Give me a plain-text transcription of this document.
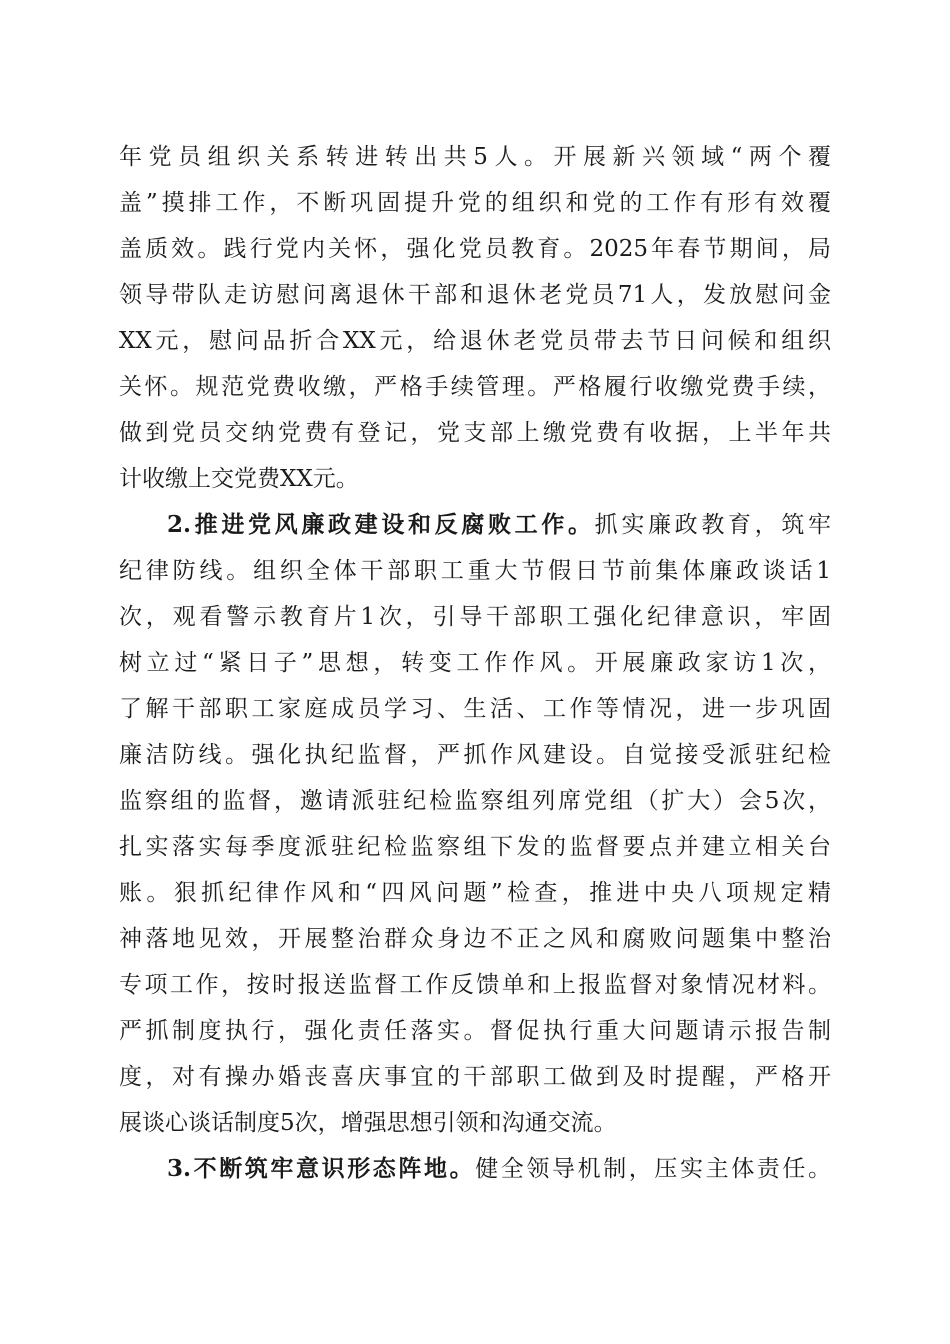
年党员组织关系转进转出共5人。开展新兴领域“两个覆
盖”摸排工作，不断巩固提升党的组织和党的工作有形有效覆
盖质效。践行党内关怀，强化党员教育。2025年春节期间，局
领导带队走访慰问离退休干部和退休老党员71人，发放慰问金
XX元，慰问品折合XX元，给退休老党员带去节日问候和组织
关怀。规范党费收缴，严格手续管理。严格履行收缴党费手续，
做到党员交纳党费有登记，党支部上缴党费有收据，上半年共
计收缴上交党费XX元。
2.推进党风廉政建设和反腐败工作。抓实廉政教育，筑牢
纪律防线。组织全体干部职工重大节假日节前集体廉政谈话1
次，观看警示教育片1次，引导干部职工强化纪律意识，牢固
树立过“紧日子”思想，转变工作作风。开展廉政家访1次，
了解干部职工家庭成员学习、生活、工作等情况，进一步巩固
廉洁防线。强化执纪监督，严抓作风建设。自觉接受派驻纪检
监察组的监督，邀请派驻纪检监察组列席党组（扩大）会5次，
扎实落实每季度派驻纪检监察组下发的监督要点并建立相关台
账。狠抓纪律作风和“四风问题”检查，推进中央八项规定精
神落地见效，开展整治群众身边不正之风和腐败问题集中整治
专项工作，按时报送监督工作反馈单和上报监督对象情况材料。
严抓制度执行，强化责任落实。督促执行重大问题请示报告制
度，对有操办婚丧喜庆事宜的干部职工做到及时提醒，严格开
展谈心谈话制度5次，增强思想引领和沟通交流。
3.不断筑牢意识形态阵地。健全领导机制，压实主体责任。
